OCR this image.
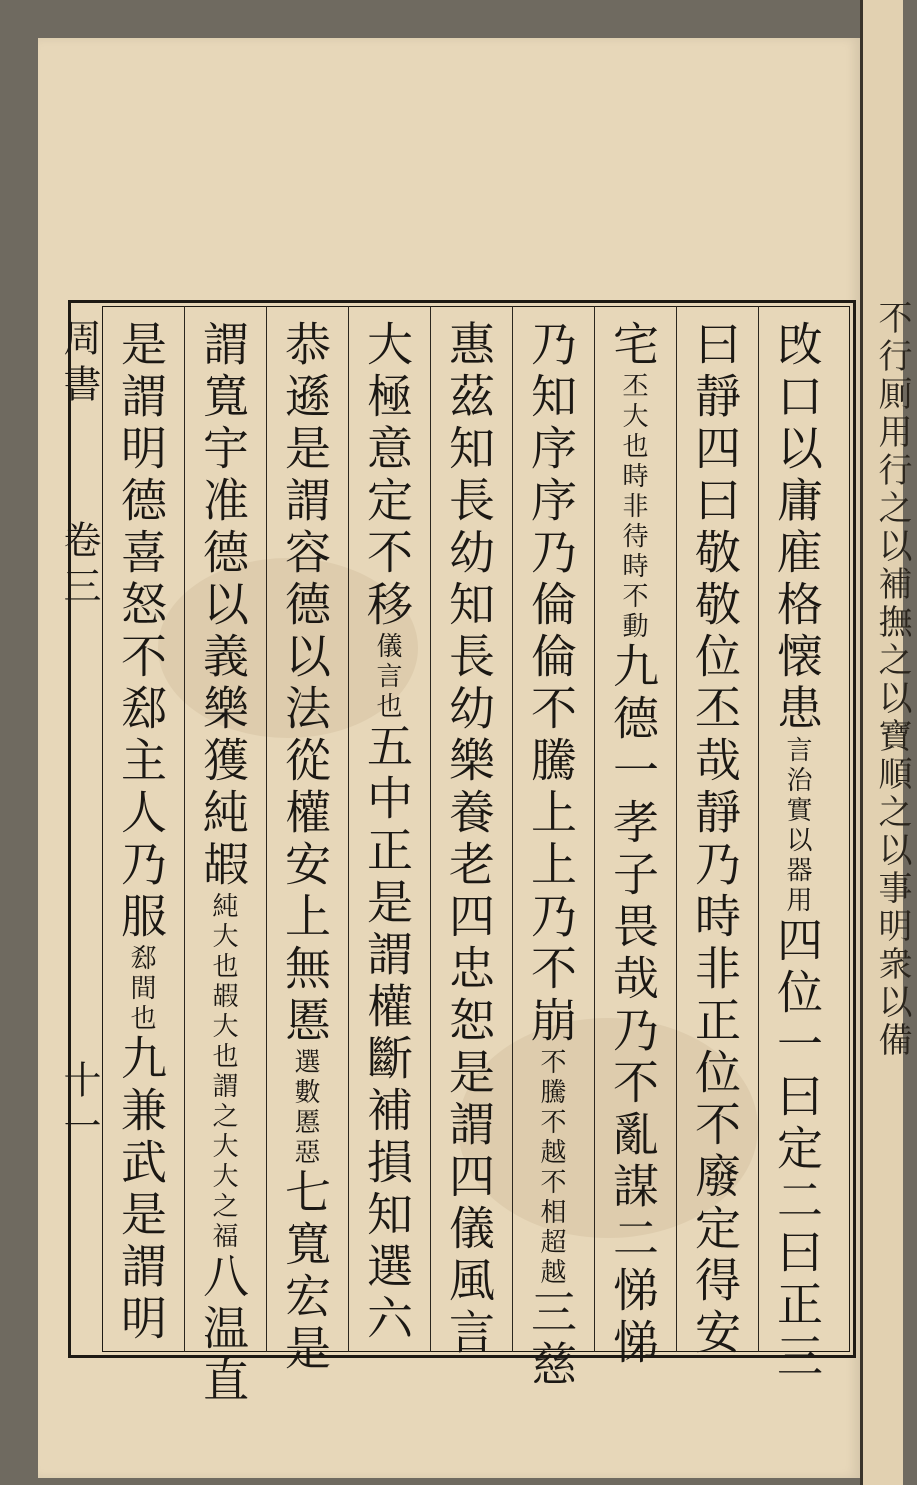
不行厠用行之以補撫之以寶順之以事明衆以備
周書
卷三
十一
攺口以庸㢈格懐患言治實以器用四位一曰定二曰正三
曰靜四曰敬敬位丕哉靜乃時非正位不廢定得安
宅丕大也時非待時不動九德一孝子畏哉乃不亂謀二悌悌
乃知序序乃倫倫不騰上上乃不崩不騰不越不相超越三慈
惠茲知長幼知長幼樂養老四忠恕是謂四儀風言
大極意定不移儀言也五中正是謂權斷補損知選六
恭遜是謂容德以法從權安上無慝選數慝惡七寬宏是
謂寬宇准德以義樂獲純嘏純大也嘏大也謂之大大之福八温直
是謂明德喜怒不郄主人乃服郄間也九兼武是謂明
